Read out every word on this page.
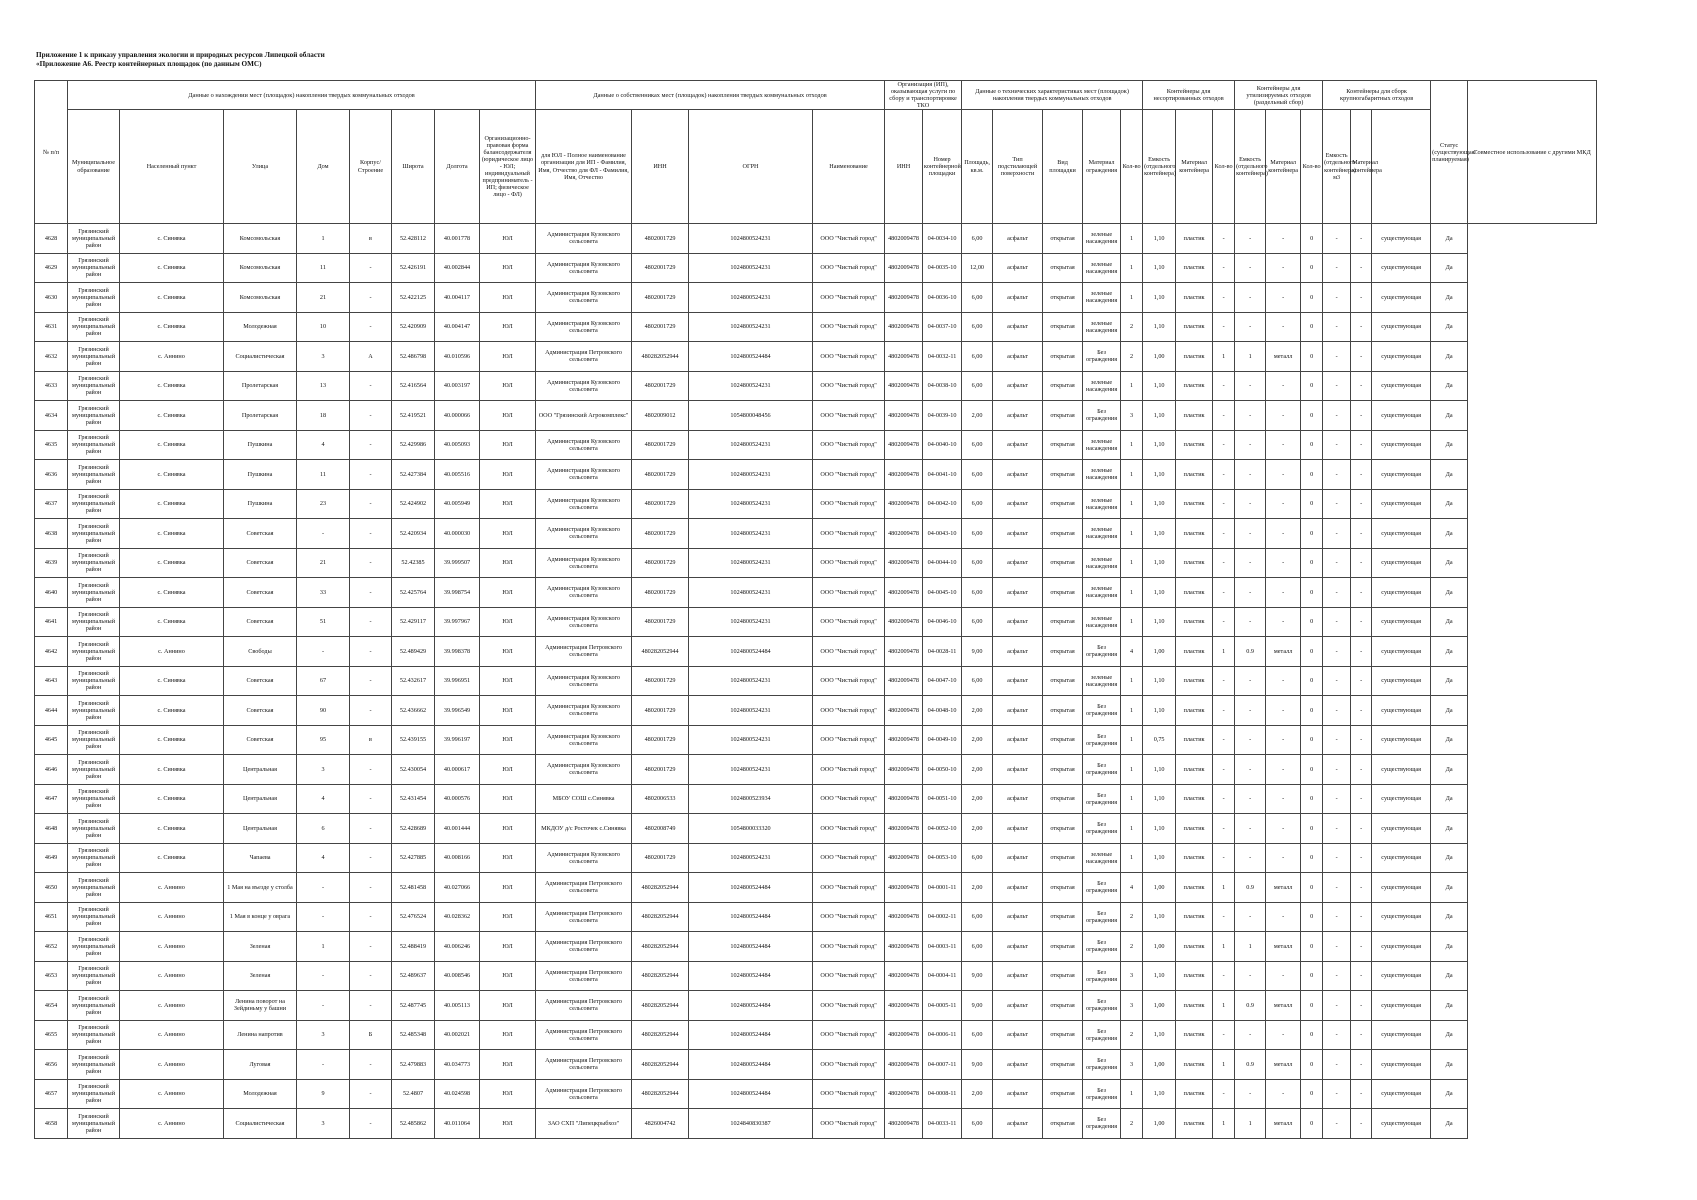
Приложение 1 к приказу управления экологии и природных ресурсов Липецкой области
«Приложение А6. Реестр контейнерных площадок (по данным ОМС)
№ п/п	Данные о нахождении мест (площадок) накопления твердых коммунальных отходов								Данные о собственниках мест (площадок) накопления твердых коммунальных отходов				Организация (ИП), оказывающая услуги по сбору и транспортировке ТКО		Данные о технических характеристиках мест (площадок) накопления твердых коммунальных отходов					Контейнеры для несортированных отходов			Контейнеры для утилизируемых отходов (раздельный сбор)			Контейнеры для сборк крупногабаритных отходов			Статус (существующая/ планируемая)	Совместное использование с другими МКД
	Муниципальное образование	Населенный пункт	Улица	Дом	Корпус/Строение	Широта	Долгота	Организационно-правовая форма балансодержателя (юридическое лицо - ЮЛ; индивидуальный предприниматель - ИП; физическое лицо - ФЛ)	для ЮЛ - Полное наименование организации для ИП - Фамилия, Имя, Отчество для ФЛ - Фамилия, Имя, Отчество	ИНН	ОГРН	Наименование	ИНН	Номер контейнерной площадки	Площадь, кв.м.	Тип подстилающей поверхности	Вид площадки	Материал ограждения	Кол-во	Емкость (отдельного контейнера)	Материал контейнера	Кол-во	Емкость (отдельного контейнера)	Материал контейнера	Кол-во	Емкость (отдельного контейнера) м3	Материал контейнера			
4628	Грязинский муниципальный район	с. Синявка	Комсомольская	1	в	52.428112	40.001778	ЮЛ	Администрация Кузовского сельсовета	4802001729	1024800524231	ООО "Чистый город"	4802009478	04-0034-10	6,00	асфальт	открытая	зеленые насаждения	1	1,10	пластик	-	-	-	0	-	-	существующая	Да	
4629	Грязинский муниципальный район	с. Синявка	Комсомольская	11	-	52.426191	40.002844	ЮЛ	Администрация Кузовского сельсовета	4802001729	1024800524231	ООО "Чистый город"	4802009478	04-0035-10	12,00	асфальт	открытая	зеленые насаждения	1	1,10	пластик	-	-	-	0	-	-	существующая	Да	
4630	Грязинский муниципальный район	с. Синявка	Комсомольская	21	-	52.422125	40.004117	ЮЛ	Администрация Кузовского сельсовета	4802001729	1024800524231	ООО "Чистый город"	4802009478	04-0036-10	6,00	асфальт	открытая	зеленые насаждения	1	1,10	пластик	-	-	-	0	-	-	существующая	Да	
4631	Грязинский муниципальный район	с. Синявка	Молодежная	10	-	52.420909	40.004147	ЮЛ	Администрация Кузовского сельсовета	4802001729	1024800524231	ООО "Чистый город"	4802009478	04-0037-10	6,00	асфальт	открытая	зеленые насаждения	2	1,10	пластик	-	-	-	0	-	-	существующая	Да	
4632	Грязинский муниципальный район	с. Аннино	Социалистическая	3	А	52.486798	40.010596	ЮЛ	Администрация Петровского сельсовета	480282052944	1024800524484	ООО "Чистый город"	4802009478	04-0032-11	6,00	асфальт	открытая	Без ограждения	2	1,00	пластик	1	1	металл	0	-	-	существующая	Да	
4633	Грязинский муниципальный район	с. Синявка	Пролетарская	13	-	52.416564	40.003197	ЮЛ	Администрация Кузовского сельсовета	4802001729	1024800524231	ООО "Чистый город"	4802009478	04-0038-10	6,00	асфальт	открытая	зеленые насаждения	1	1,10	пластик	-	-	-	0	-	-	существующая	Да	
4634	Грязинский муниципальный район	с. Синявка	Пролетарская	18	-	52.419521	40.000066	ЮЛ	ООО "Грязинский Агрокомплекс"	4802009012	1054800048456	ООО "Чистый город"	4802009478	04-0039-10	2,00	асфальт	открытая	Без ограждения	3	1,10	пластик	-	-	-	0	-	-	существующая	Да	
4635	Грязинский муниципальный район	с. Синявка	Пушкина	4	-	52.429986	40.005093	ЮЛ	Администрация Кузовского сельсовета	4802001729	1024800524231	ООО "Чистый город"	4802009478	04-0040-10	6,00	асфальт	открытая	зеленые насаждения	1	1,10	пластик	-	-	-	0	-	-	существующая	Да	
4636	Грязинский муниципальный район	с. Синявка	Пушкина	11	-	52.427384	40.005516	ЮЛ	Администрация Кузовского сельсовета	4802001729	1024800524231	ООО "Чистый город"	4802009478	04-0041-10	6,00	асфальт	открытая	зеленые насаждения	1	1,10	пластик	-	-	-	0	-	-	существующая	Да	
4637	Грязинский муниципальный район	с. Синявка	Пушкина	23	-	52.424902	40.005949	ЮЛ	Администрация Кузовского сельсовета	4802001729	1024800524231	ООО "Чистый город"	4802009478	04-0042-10	6,00	асфальт	открытая	зеленые насаждения	1	1,10	пластик	-	-	-	0	-	-	существующая	Да	
4638	Грязинский муниципальный район	с. Синявка	Советская	-	-	52.420934	40.000030	ЮЛ	Администрация Кузовского сельсовета	4802001729	1024800524231	ООО "Чистый город"	4802009478	04-0043-10	6,00	асфальт	открытая	зеленые насаждения	1	1,10	пластик	-	-	-	0	-	-	существующая	Да	
4639	Грязинский муниципальный район	с. Синявка	Советская	21	-	52.42385	39.999507	ЮЛ	Администрация Кузовского сельсовета	4802001729	1024800524231	ООО "Чистый город"	4802009478	04-0044-10	6,00	асфальт	открытая	зеленые насаждения	1	1,10	пластик	-	-	-	0	-	-	существующая	Да	
4640	Грязинский муниципальный район	с. Синявка	Советская	33	-	52.425764	39.998754	ЮЛ	Администрация Кузовского сельсовета	4802001729	1024800524231	ООО "Чистый город"	4802009478	04-0045-10	6,00	асфальт	открытая	зеленые насаждения	1	1,10	пластик	-	-	-	0	-	-	существующая	Да	
4641	Грязинский муниципальный район	с. Синявка	Советская	51	-	52.429117	39.997967	ЮЛ	Администрация Кузовского сельсовета	4802001729	1024800524231	ООО "Чистый город"	4802009478	04-0046-10	6,00	асфальт	открытая	зеленые насаждения	1	1,10	пластик	-	-	-	0	-	-	существующая	Да	
4642	Грязинский муниципальный район	с. Аннино	Свободы	-	-	52.489429	39.998378	ЮЛ	Администрация Петровского сельсовета	480282052944	1024800524484	ООО "Чистый город"	4802009478	04-0028-11	9,00	асфальт	открытая	Без ограждения	4	1,00	пластик	1	0.9	металл	0	-	-	существующая	Да	
4643	Грязинский муниципальный район	с. Синявка	Советская	67	-	52.432617	39.996951	ЮЛ	Администрация Кузовского сельсовета	4802001729	1024800524231	ООО "Чистый город"	4802009478	04-0047-10	6,00	асфальт	открытая	зеленые насаждения	1	1,10	пластик	-	-	-	0	-	-	существующая	Да	
4644	Грязинский муниципальный район	с. Синявка	Советская	90	-	52.436662	39.996549	ЮЛ	Администрация Кузовского сельсовета	4802001729	1024800524231	ООО "Чистый город"	4802009478	04-0048-10	2,00	асфальт	открытая	Без ограждения	1	1,10	пластик	-	-	-	0	-	-	существующая	Да	
4645	Грязинский муниципальный район	с. Синявка	Советская	95	в	52.439155	39.996197	ЮЛ	Администрация Кузовского сельсовета	4802001729	1024800524231	ООО "Чистый город"	4802009478	04-0049-10	2,00	асфальт	открытая	Без ограждения	1	0,75	пластик	-	-	-	0	-	-	существующая	Да	
4646	Грязинский муниципальный район	с. Синявка	Центральная	3	-	52.430054	40.000617	ЮЛ	Администрация Кузовского сельсовета	4802001729	1024800524231	ООО "Чистый город"	4802009478	04-0050-10	2,00	асфальт	открытая	Без ограждения	1	1,10	пластик	-	-	-	0	-	-	существующая	Да	
4647	Грязинский муниципальный район	с. Синявка	Центральная	4	-	52.431454	40.000576	ЮЛ	МБОУ СОШ с.Синявка	4802006533	1024800523934	ООО "Чистый город"	4802009478	04-0051-10	2,00	асфальт	открытая	Без ограждения	1	1,10	пластик	-	-	-	0	-	-	существующая	Да	
4648	Грязинский муниципальный район	с. Синявка	Центральная	6	-	52.428689	40.001444	ЮЛ	МКДОУ д/с Росточек с.Синявка	4802008749	1054800033320	ООО "Чистый город"	4802009478	04-0052-10	2,00	асфальт	открытая	Без ограждения	1	1,10	пластик	-	-	-	0	-	-	существующая	Да	
4649	Грязинский муниципальный район	с. Синявка	Чапаева	4	-	52.427885	40.008166	ЮЛ	Администрация Кузовского сельсовета	4802001729	1024800524231	ООО "Чистый город"	4802009478	04-0053-10	6,00	асфальт	открытая	зеленые насаждения	1	1,10	пластик	-	-	-	0	-	-	существующая	Да	
4650	Грязинский муниципальный район	с. Аннино	1 Мая на въезде у столба	-	-	52.481458	40.027066	ЮЛ	Администрация Петровского сельсовета	480282052944	1024800524484	ООО "Чистый город"	4802009478	04-0001-11	2,00	асфальт	открытая	Без ограждения	4	1,00	пластик	1	0.9	металл	0	-	-	существующая	Да	
4651	Грязинский муниципальный район	с. Аннино	1 Мая в конце у оврага	-	-	52.476524	40.028362	ЮЛ	Администрация Петровского сельсовета	480282052944	1024800524484	ООО "Чистый город"	4802009478	04-0002-11	6,00	асфальт	открытая	Без ограждения	2	1,10	пластик	-	-	-	0	-	-	существующая	Да	
4652	Грязинский муниципальный район	с. Аннино	Зеленая	1	-	52.488419	40.006246	ЮЛ	Администрация Петровского сельсовета	480282052944	1024800524484	ООО "Чистый город"	4802009478	04-0003-11	6,00	асфальт	открытая	Без ограждения	2	1,00	пластик	1	1	металл	0	-	-	существующая	Да	
4653	Грязинский муниципальный район	с. Аннино	Зеленая	-	-	52.489637	40.008546	ЮЛ	Администрация Петровского сельсовета	480282052944	1024800524484	ООО "Чистый город"	4802009478	04-0004-11	9,00	асфальт	открытая	Без ограждения	3	1,10	пластик	-	-	-	0	-	-	существующая	Да	
4654	Грязинский муниципальный район	с. Аннино	Ленина поворот на Зейдиньму у башни	-	-	52.487745	40.005113	ЮЛ	Администрация Петровского сельсовета	480282052944	1024800524484	ООО "Чистый город"	4802009478	04-0005-11	9,00	асфальт	открытая	Без ограждения	3	1,00	пластик	1	0.9	металл	0	-	-	существующая	Да	
4655	Грязинский муниципальный район	с. Аннино	Ленина напротив	3	Б	52.485348	40.002021	ЮЛ	Администрация Петровского сельсовета	480282052944	1024800524484	ООО "Чистый город"	4802009478	04-0006-11	6,00	асфальт	открытая	Без ограждения	2	1,10	пластик	-	-	-	0	-	-	существующая	Да	
4656	Грязинский муниципальный район	с. Аннино	Луговая	-	-	52.479883	40.034773	ЮЛ	Администрация Петровского сельсовета	480282052944	1024800524484	ООО "Чистый город"	4802009478	04-0007-11	9,00	асфальт	открытая	Без ограждения	3	1,00	пластик	1	0.9	металл	0	-	-	существующая	Да	
4657	Грязинский муниципальный район	с. Аннино	Молодежная	9	-	52.4807	40.024598	ЮЛ	Администрация Петровского сельсовета	480282052944	1024800524484	ООО "Чистый город"	4802009478	04-0008-11	2,00	асфальт	открытая	Без ограждения	1	1,10	пластик	-	-	-	0	-	-	существующая	Да	
4658	Грязинский муниципальный район	с. Аннино	Социалистическая	3	-	52.485862	40.011064	ЮЛ	ЗАО СХП "Липецкрыбхоз"	4826004742	1024840830387	ООО "Чистый город"	4802009478	04-0033-11	6,00	асфальт	открытая	Без ограждения	2	1,00	пластик	1	1	металл	0	-	-	существующая	Да	
